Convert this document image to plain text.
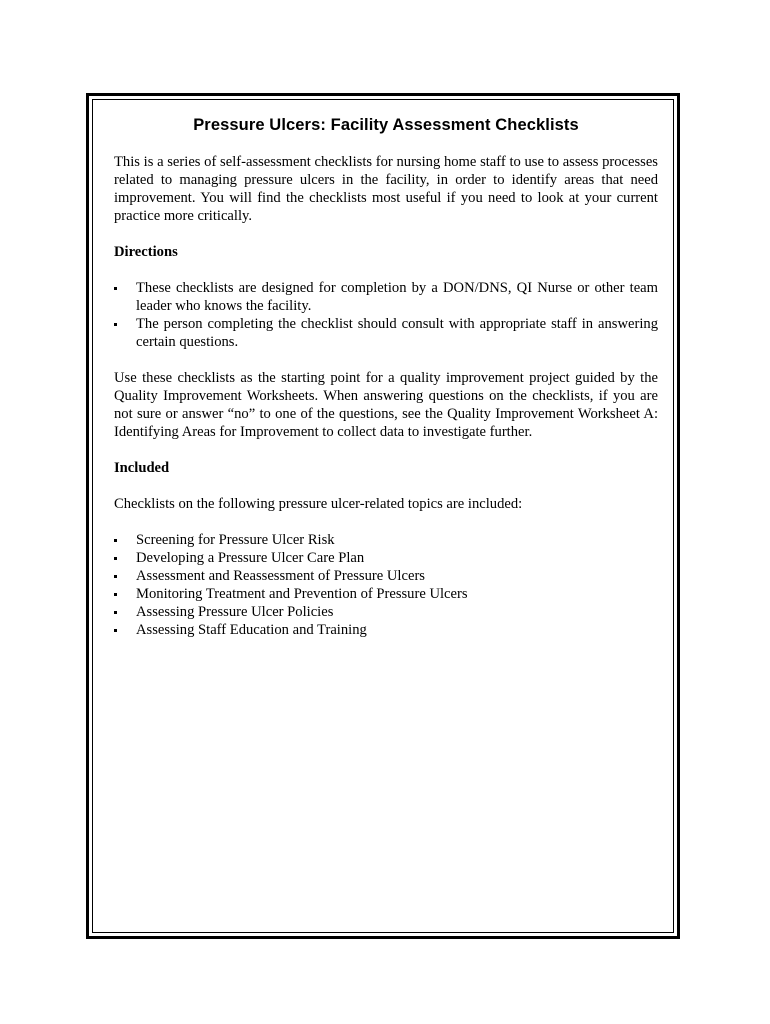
Pressure Ulcers: Facility Assessment Checklists

This is a series of self-assessment checklists for nursing home staff to use to assess processes related to managing pressure ulcers in the facility, in order to identify areas that need improvement. You will find the checklists most useful if you need to look at your current practice more critically.

Directions
These checklists are designed for completion by a DON/DNS, QI Nurse or other team leader who knows the facility.
The person completing the checklist should consult with appropriate staff in answering certain questions.

Use these checklists as the starting point for a quality improvement project guided by the Quality Improvement Worksheets. When answering questions on the checklists, if you are not sure or answer “no” to one of the questions, see the Quality Improvement Worksheet A: Identifying Areas for Improvement to collect data to investigate further.

Included

Checklists on the following pressure ulcer-related topics are included:

Screening for Pressure Ulcer Risk
Developing a Pressure Ulcer Care Plan
Assessment and Reassessment of Pressure Ulcers
Monitoring Treatment and Prevention of Pressure Ulcers
Assessing Pressure Ulcer Policies
Assessing Staff Education and Training
